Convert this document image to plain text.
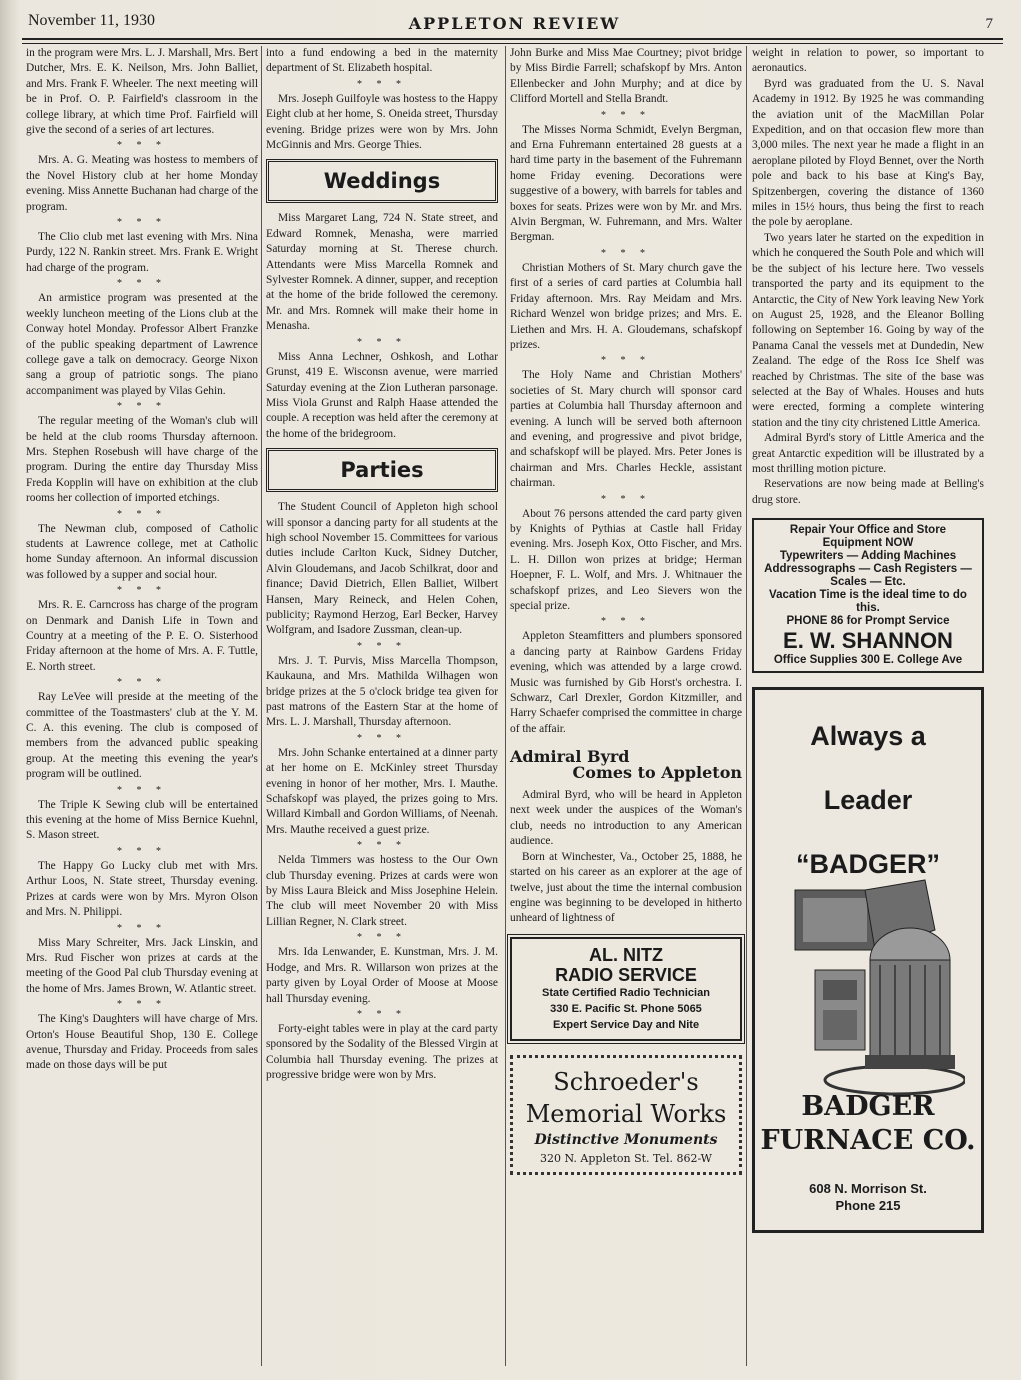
November 11, 1930	APPLETON REVIEW	7

in the program were Mrs. L. J. Marshall, Mrs. Bert Dutcher, Mrs. E. K. Neilson, Mrs. John Balliet, and Mrs. Frank F. Wheeler. The next meeting will be in Prof. O. P. Fairfield's classroom in the college library, at which time Prof. Fairfield will give the second of a series of art lectures.

* * *

Mrs. A. G. Meating was hostess to members of the Novel History club at her home Monday evening. Miss Annette Buchanan had charge of the program.

* * *

The Clio club met last evening with Mrs. Nina Purdy, 122 N. Rankin street. Mrs. Frank E. Wright had charge of the program.

* * *

An armistice program was presented at the weekly luncheon meeting of the Lions club at the Conway hotel Monday. Professor Albert Franzke of the public speaking department of Lawrence college gave a talk on democracy. George Nixon sang a group of patriotic songs. The piano accompaniment was played by Vilas Gehin.

* * *

The regular meeting of the Woman's club will be held at the club rooms Thursday afternoon. Mrs. Stephen Rosebush will have charge of the program. During the entire day Thursday Miss Freda Kopplin will have on exhibition at the club rooms her collection of imported etchings.

* * *

The Newman club, composed of Catholic students at Lawrence college, met at Catholic home Sunday afternoon. An informal discussion was followed by a supper and social hour.

* * *

Mrs. R. E. Carncross has charge of the program on Denmark and Danish Life in Town and Country at a meeting of the P. E. O. Sisterhood Friday afternoon at the home of Mrs. A. F. Tuttle, E. North street.

* * *

Ray LeVee will preside at the meeting of the committee of the Toastmasters' club at the Y. M. C. A. this evening. The club is composed of members from the advanced public speaking group. At the meeting this evening the year's program will be outlined.

* * *

The Triple K Sewing club will be entertained this evening at the home of Miss Bernice Kuehnl, S. Mason street.

* * *

The Happy Go Lucky club met with Mrs. Arthur Loos, N. State street, Thursday evening. Prizes at cards were won by Mrs. Myron Olson and Mrs. N. Philippi.

* * *

Miss Mary Schreiter, Mrs. Jack Linskin, and Mrs. Rud Fischer won prizes at cards at the meeting of the Good Pal club Thursday evening at the home of Mrs. James Brown, W. Atlantic street.

* * *

The King's Daughters will have charge of Mrs. Orton's House Beautiful Shop, 130 E. College avenue, Thursday and Friday. Proceeds from sales made on those days will be put

into a fund endowing a bed in the maternity department of St. Elizabeth hospital.

* * *

Mrs. Joseph Guilfoyle was hostess to the Happy Eight club at her home, S. Oneida street, Thursday evening. Bridge prizes were won by Mrs. John McGinnis and Mrs. George Thies.

Weddings

Miss Margaret Lang, 724 N. State street, and Edward Romnek, Menasha, were married Saturday morning at St. Therese church. Attendants were Miss Marcella Romnek and Sylvester Romnek. A dinner, supper, and reception at the home of the bride followed the ceremony. Mr. and Mrs. Romnek will make their home in Menasha.

* * *

Miss Anna Lechner, Oshkosh, and Lothar Grunst, 419 E. Wisconsn avenue, were married Saturday evening at the Zion Lutheran parsonage. Miss Viola Grunst and Ralph Haase attended the couple. A reception was held after the ceremony at the home of the bridegroom.

Parties

The Student Council of Appleton high school will sponsor a dancing party for all students at the high school November 15. Committees for various duties include Carlton Kuck, Sidney Dutcher, Alvin Gloudemans, and Jacob Schilkrat, door and finance; David Dietrich, Ellen Balliet, Wilbert Hansen, Mary Reineck, and Helen Cohen, publicity; Raymond Herzog, Earl Becker, Harvey Wolfgram, and Isadore Zussman, clean-up.

* * *

Mrs. J. T. Purvis, Miss Marcella Thompson, Kaukauna, and Mrs. Mathilda Wilhagen won bridge prizes at the 5 o'clock bridge tea given for past matrons of the Eastern Star at the home of Mrs. L. J. Marshall, Thursday afternoon.

* * *

Mrs. John Schanke entertained at a dinner party at her home on E. McKinley street Thursday evening in honor of her mother, Mrs. I. Mauthe. Schafskopf was played, the prizes going to Mrs. Willard Kimball and Gordon Williams, of Neenah. Mrs. Mauthe received a guest prize.

* * *

Nelda Timmers was hostess to the Our Own club Thursday evening. Prizes at cards were won by Miss Laura Bleick and Miss Josephine Helein. The club will meet November 20 with Miss Lillian Regner, N. Clark street.

* * *

Mrs. Ida Lenwander, E. Kunstman, Mrs. J. M. Hodge, and Mrs. R. Willarson won prizes at the party given by Loyal Order of Moose at Moose hall Thursday evening.

* * *

Forty-eight tables were in play at the card party sponsored by the Sodality of the Blessed Virgin at Columbia hall Thursday evening. The prizes at progressive bridge were won by Mrs.

John Burke and Miss Mae Courtney; pivot bridge by Miss Birdie Farrell; schafskopf by Mrs. Anton Ellenbecker and John Murphy; and at dice by Clifford Mortell and Stella Brandt.

* * *

The Misses Norma Schmidt, Evelyn Bergman, and Erna Fuhremann entertained 28 guests at a hard time party in the basement of the Fuhremann home Friday evening. Decorations were suggestive of a bowery, with barrels for tables and boxes for seats. Prizes were won by Mr. and Mrs. Alvin Bergman, W. Fuhremann, and Mrs. Walter Bergman.

* * *

Christian Mothers of St. Mary church gave the first of a series of card parties at Columbia hall Friday afternoon. Mrs. Ray Meidam and Mrs. Richard Wenzel won bridge prizes; and Mrs. E. Liethen and Mrs. H. A. Gloudemans, schafskopf prizes.

* * *

The Holy Name and Christian Mothers' societies of St. Mary church will sponsor card parties at Columbia hall Thursday afternoon and evening. A lunch will be served both afternoon and evening, and progressive and pivot bridge, and schafskopf will be played. Mrs. Peter Jones is chairman and Mrs. Charles Heckle, assistant chairman.

* * *

About 76 persons attended the card party given by Knights of Pythias at Castle hall Friday evening. Mrs. Joseph Kox, Otto Fischer, and Mrs. L. H. Dillon won prizes at bridge; Herman Hoepner, F. L. Wolf, and Mrs. J. Whitnauer the schafskopf prizes, and Leo Sievers won the special prize.

* * *

Appleton Steamfitters and plumbers sponsored a dancing party at Rainbow Gardens Friday evening, which was attended by a large crowd. Music was furnished by Gib Horst's orchestra. I. Schwarz, Carl Drexler, Gordon Kitzmiller, and Harry Schaefer comprised the committee in charge of the affair.

Admiral Byrd
Comes to Appleton

Admiral Byrd, who will be heard in Appleton next week under the auspices of the Woman's club, needs no introduction to any American audience.

Born at Winchester, Va., October 25, 1888, he started on his career as an explorer at the age of twelve, just about the time the internal combusion engine was beginning to be developed in hitherto unheard of lightness of

AL. NITZ
RADIO SERVICE
State Certified Radio Technician
330 E. Pacific St. Phone 5065
Expert Service Day and Nite
Schroeder's
Memorial Works
Distinctive Monuments
320 N. Appleton St. Tel. 862-W

weight in relation to power, so important to aeronautics.

Byrd was graduated from the U. S. Naval Academy in 1912. By 1925 he was commanding the aviation unit of the MacMillan Polar Expedition, and on that occasion flew more than 3,000 miles. The next year he made a flight in an aeroplane piloted by Floyd Bennet, over the North pole and back to his base at King's Bay, Spitzenbergen, covering the distance of 1360 miles in 15½ hours, thus being the first to reach the pole by aeroplane.

Two years later he started on the expedition in which he conquered the South Pole and which will be the subject of his lecture here. Two vessels transported the party and its equipment to the Antarctic, the City of New York leaving New York on August 25, 1928, and the Eleanor Bolling following on September 16. Going by way of the Panama Canal the vessels met at Dundedin, New Zealand. The edge of the Ross Ice Shelf was reached by Christmas. The site of the base was selected at the Bay of Whales. Houses and huts were erected, forming a complete wintering station and the tiny city christened Little America.

Admiral Byrd's story of Little America and the great Antarctic expedition will be illustrated by a most thrilling motion picture.

Reservations are now being made at Belling's drug store.

Repair Your Office and Store
Equipment NOW
Typewriters — Adding Machines
Addressographs — Cash Registers — Scales — Etc.
Vacation Time is the ideal time to do this.
PHONE 86 for Prompt Service
E. W. SHANNON
Office Supplies 300 E. College Ave
Always a
Leader
“BADGER”
BADGER
FURNACE CO.
608 N. Morrison St.
Phone 215
